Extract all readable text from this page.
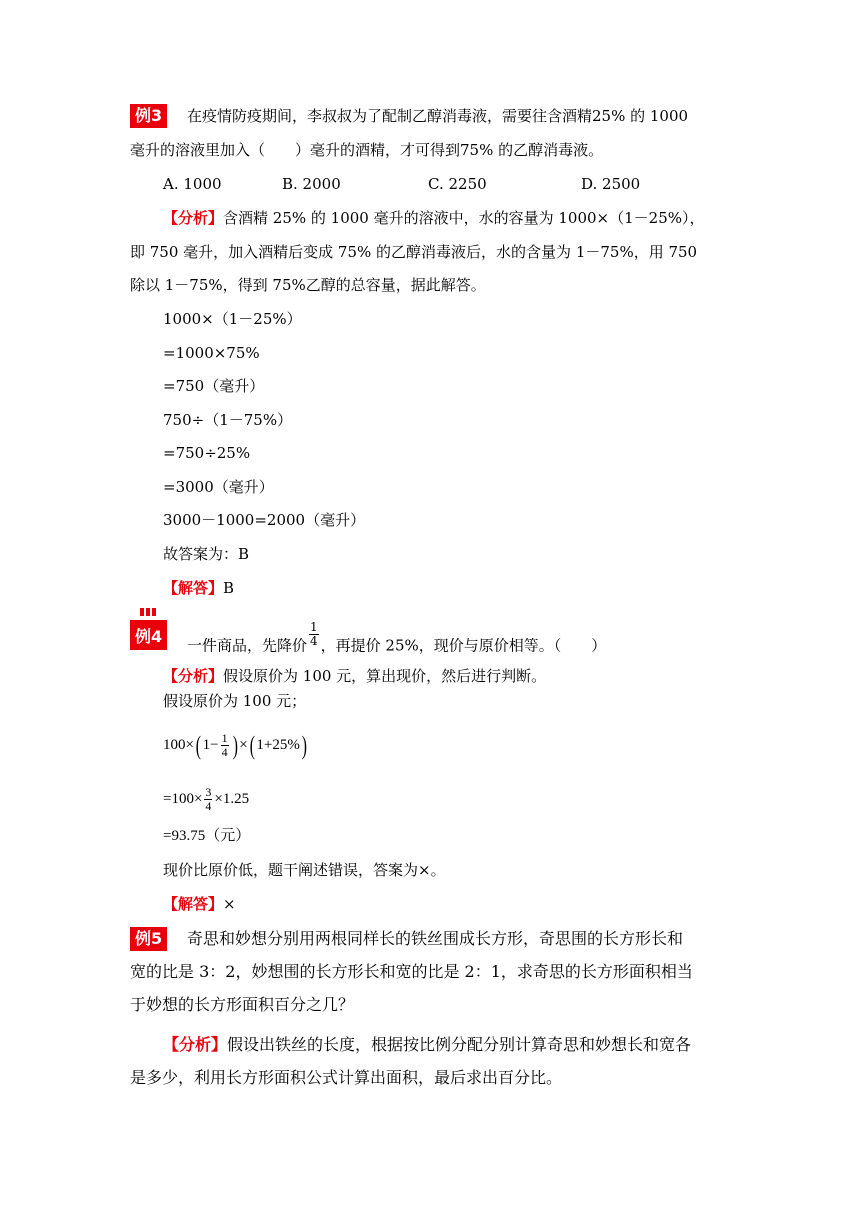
例3	在疫情防疫期间，李叔叔为了配制乙醇消毒液，需要往含酒精25% 的 1000
毫升的溶液里加入（　　）毫升的酒精，才可得到75% 的乙醇消毒液。
A. 1000	B. 2000	C. 2250	D. 2500
【分析】含酒精 25% 的 1000 毫升的溶液中，水的容量为 1000×（1－25%），
即 750 毫升，加入酒精后变成 75% 的乙醇消毒液后，水的含量为 1－75%，用 750
除以 1－75%，得到 75%乙醇的总容量，据此解答。
1000×（1－25%）
=1000×75%
=750（毫升）
750÷（1－75%）
=750÷25%
=3000（毫升）
3000－1000=2000（毫升）
故答案为：B
【解答】B
例4	一件商品，先降价 $\frac{1}{4}$ ，再提价 25%，现价与原价相等。（　　）
【分析】假设原价为 100 元，算出现价，然后进行判断。
假设原价为 100 元；
100×( $1- \frac{1}{4}$ ) ×( 1+25%)
$=100\times \frac{3}{4} \times 1.25$
=93.75（元）
现价比原价低，题干阐述错误，答案为×。
【解答】×
例5	奇思和妙想分别用两根同样长的铁丝围成长方形，奇思围的长方形长和
宽的比是 3：2，妙想围的长方形长和宽的比是 2：1，求奇思的长方形面积相当
于妙想的长方形面积百分之几？
【分析】假设出铁丝的长度，根据按比例分配分别计算奇思和妙想长和宽各
是多少，利用长方形面积公式计算出面积，最后求出百分比。
